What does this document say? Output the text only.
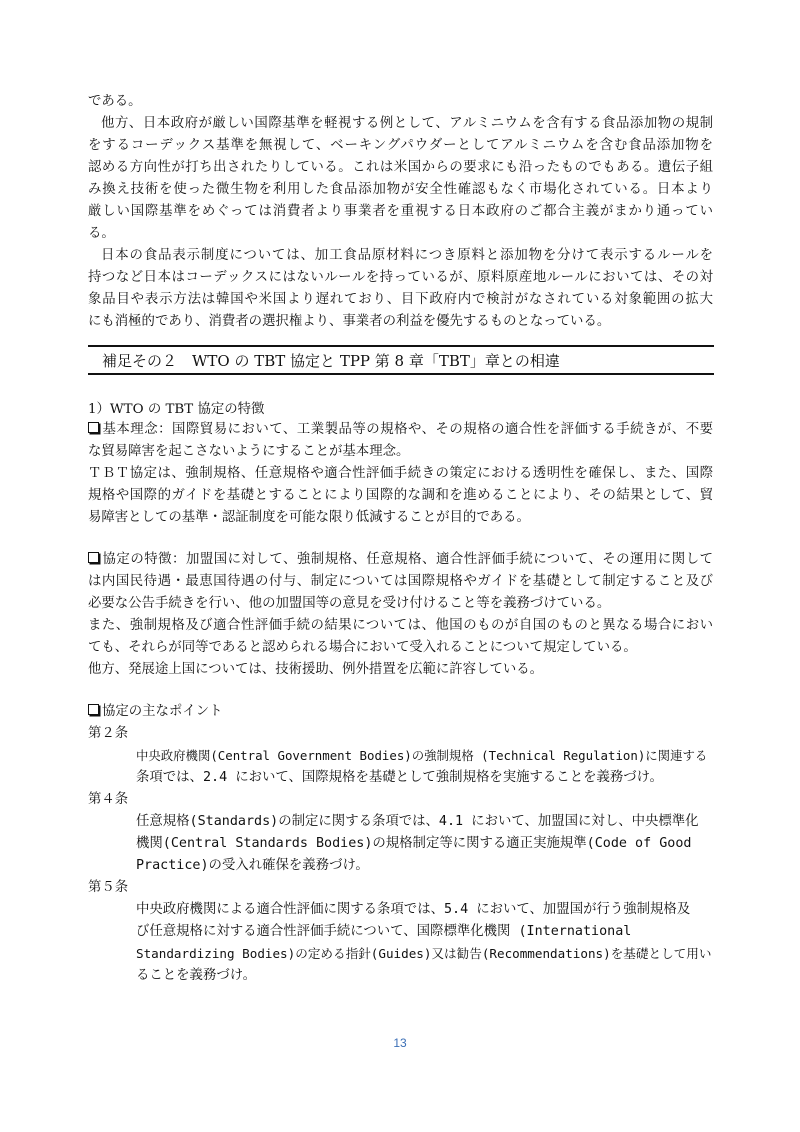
である。

他方、日本政府が厳しい国際基準を軽視する例として、アルミニウムを含有する食品添加物の規制

をするコーデックス基準を無視して、ベーキングパウダーとしてアルミニウムを含む食品添加物を

認める方向性が打ち出されたりしている。これは米国からの要求にも沿ったものでもある。遺伝子組

み換え技術を使った微生物を利用した食品添加物が安全性確認もなく市場化されている。日本より

厳しい国際基準をめぐっては消費者より事業者を重視する日本政府のご都合主義がまかり通ってい

る。

日本の食品表示制度については、加工食品原材料につき原料と添加物を分けて表示するルールを

持つなど日本はコーデックスにはないルールを持っているが、原料原産地ルールにおいては、その対

象品目や表示方法は韓国や米国より遅れており、目下政府内で検討がなされている対象範囲の拡大

にも消極的であり、消費者の選択権より、事業者の利益を優先するものとなっている。

補足その２　WTO の TBT 協定と TPP 第 8 章「TBT」章との相違

1）WTO の TBT 協定の特徴

基本理念：国際貿易において、工業製品等の規格や、その規格の適合性を評価する手続きが、不要

な貿易障害を起こさないようにすることが基本理念。

ＴＢＴ協定は、強制規格、任意規格や適合性評価手続きの策定における透明性を確保し、また、国際

規格や国際的ガイドを基礎とすることにより国際的な調和を進めることにより、その結果として、貿

易障害としての基準・認証制度を可能な限り低減することが目的である。

協定の特徴：加盟国に対して、強制規格、任意規格、適合性評価手続について、その運用に関して

は内国民待遇・最恵国待遇の付与、制定については国際規格やガイドを基礎として制定すること及び

必要な公告手続きを行い、他の加盟国等の意見を受け付けること等を義務づけている。

また、強制規格及び適合性評価手続の結果については、他国のものが自国のものと異なる場合におい

ても、それらが同等であると認められる場合において受入れることについて規定している。

他方、発展途上国については、技術援助、例外措置を広範に許容している。

協定の主なポイント

第２条

中央政府機関(Central Government Bodies)の強制規格 (Technical Regulation)に関連する

条項では、2.4 において、国際規格を基礎として強制規格を実施することを義務づけ。

第４条

任意規格(Standards)の制定に関する条項では、4.1 において、加盟国に対し、中央標準化

機関(Central Standards Bodies)の規格制定等に関する適正実施規準(Code of Good

Practice)の受入れ確保を義務づけ。

第５条

中央政府機関による適合性評価に関する条項では、5.4 において、加盟国が行う強制規格及

び任意規格に対する適合性評価手続について、国際標準化機関 (International

Standardizing Bodies)の定める指針(Guides)又は勧告(Recommendations)を基礎として用い

ることを義務づけ。

13
